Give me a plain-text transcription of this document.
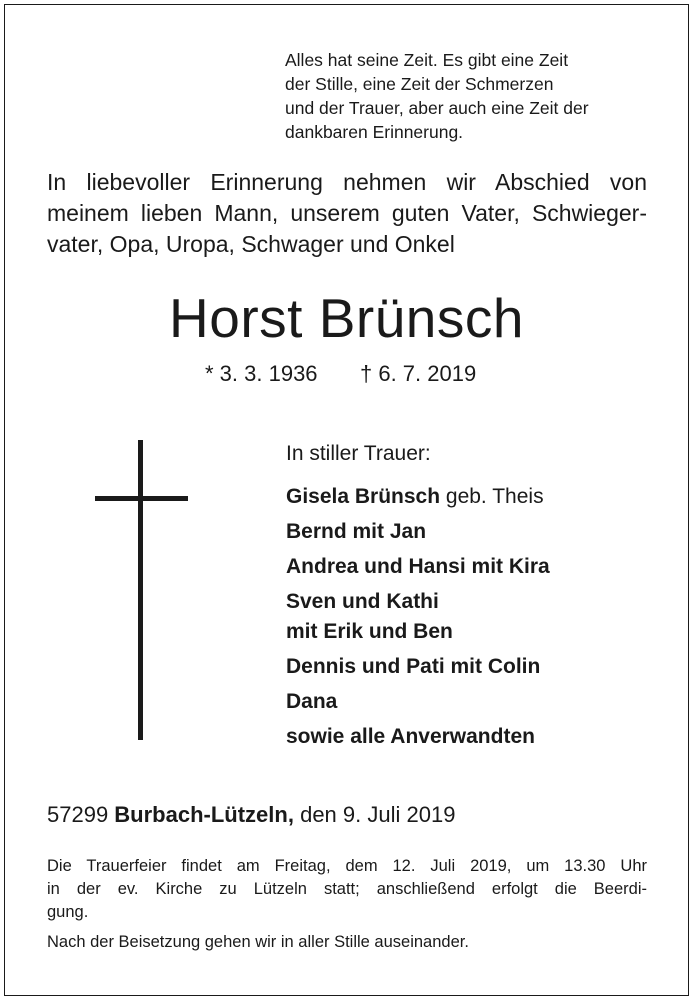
Alles hat seine Zeit. Es gibt eine Zeit
der Stille, eine Zeit der Schmerzen
und der Trauer, aber auch eine Zeit der
dankbaren Erinnerung.
In liebevoller Erinnerung nehmen wir Abschied von
meinem lieben Mann, unserem guten Vater, Schwieger-
vater, Opa, Uropa, Schwager und Onkel
Horst Brünsch
* 3. 3. 1936 † 6. 7. 2019
In stiller Trauer:
Gisela Brünsch geb. Theis
Bernd mit Jan
Andrea und Hansi mit Kira
Sven und Kathi
mit Erik und Ben
Dennis und Pati mit Colin
Dana
sowie alle Anverwandten
57299 Burbach-Lützeln, den 9. Juli 2019
Die Trauerfeier findet am Freitag, dem 12. Juli 2019, um 13.30 Uhr
in der ev. Kirche zu Lützeln statt; anschließend erfolgt die Beerdi-
gung.
Nach der Beisetzung gehen wir in aller Stille auseinander.
